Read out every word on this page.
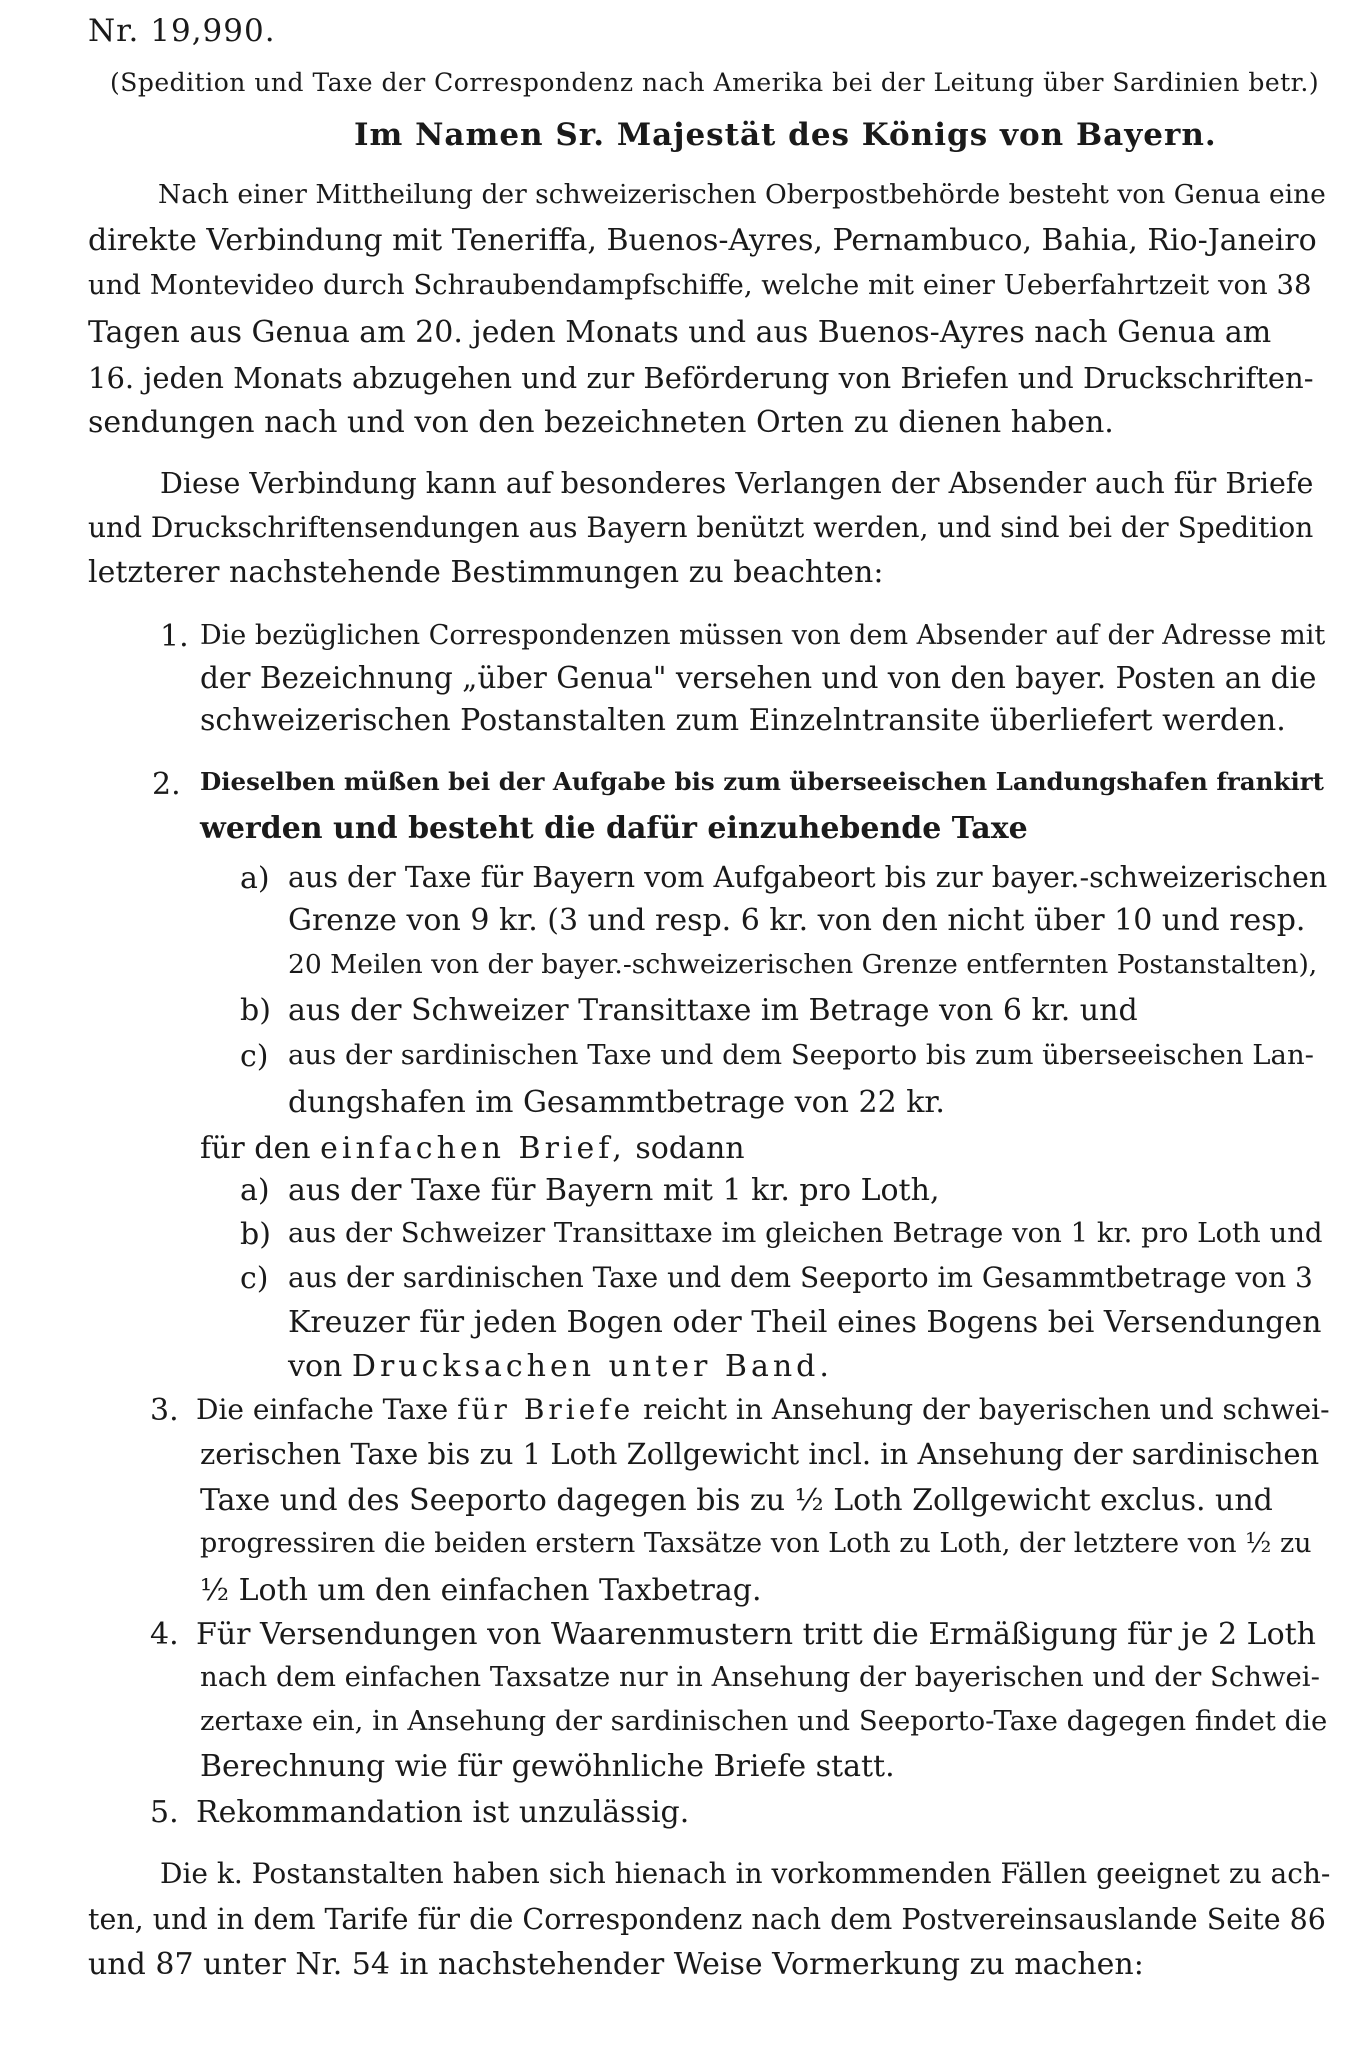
Nr. 19,990.
(Spedition und Taxe der Correspondenz nach Amerika bei der Leitung über Sardinien betr.)
Im Namen Sr. Majestät des Königs von Bayern.
Nach einer Mittheilung der schweizerischen Oberpostbehörde besteht von Genua eine
direkte Verbindung mit Teneriffa, Buenos-Ayres, Pernambuco, Bahia, Rio-Janeiro
und Montevideo durch Schraubendampfschiffe, welche mit einer Ueberfahrtzeit von 38
Tagen aus Genua am 20. jeden Monats und aus Buenos-Ayres nach Genua am
16. jeden Monats abzugehen und zur Beförderung von Briefen und Druckschriften-
sendungen nach und von den bezeichneten Orten zu dienen haben.
Diese Verbindung kann auf besonderes Verlangen der Absender auch für Briefe
und Druckschriftensendungen aus Bayern benützt werden, und sind bei der Spedition
letzterer nachstehende Bestimmungen zu beachten:
1. Die bezüglichen Correspondenzen müssen von dem Absender auf der Adresse mit
der Bezeichnung „über Genua" versehen und von den bayer. Posten an die
schweizerischen Postanstalten zum Einzelntransite überliefert werden.
2. Dieselben müßen bei der Aufgabe bis zum überseeischen Landungshafen frankirt
werden und besteht die dafür einzuhebende Taxe
a) aus der Taxe für Bayern vom Aufgabeort bis zur bayer.-schweizerischen
Grenze von 9 kr. (3 und resp. 6 kr. von den nicht über 10 und resp.
20 Meilen von der bayer.-schweizerischen Grenze entfernten Postanstalten),
b) aus der Schweizer Transittaxe im Betrage von 6 kr. und
c) aus der sardinischen Taxe und dem Seeporto bis zum überseeischen Lan-
dungshafen im Gesammtbetrage von 22 kr.
für den einfachen Brief, sodann
a) aus der Taxe für Bayern mit 1 kr. pro Loth,
b) aus der Schweizer Transittaxe im gleichen Betrage von 1 kr. pro Loth und
c) aus der sardinischen Taxe und dem Seeporto im Gesammtbetrage von 3
Kreuzer für jeden Bogen oder Theil eines Bogens bei Versendungen
von Drucksachen unter Band.
3. Die einfache Taxe für Briefe reicht in Ansehung der bayerischen und schwei-
zerischen Taxe bis zu 1 Loth Zollgewicht incl. in Ansehung der sardinischen
Taxe und des Seeporto dagegen bis zu ½ Loth Zollgewicht exclus. und
progressiren die beiden erstern Taxsätze von Loth zu Loth, der letztere von ½ zu
½ Loth um den einfachen Taxbetrag.
4. Für Versendungen von Waarenmustern tritt die Ermäßigung für je 2 Loth
nach dem einfachen Taxsatze nur in Ansehung der bayerischen und der Schwei-
zertaxe ein, in Ansehung der sardinischen und Seeporto-Taxe dagegen findet die
Berechnung wie für gewöhnliche Briefe statt.
5. Rekommandation ist unzulässig.
Die k. Postanstalten haben sich hienach in vorkommenden Fällen geeignet zu ach-
ten, und in dem Tarife für die Correspondenz nach dem Postvereinsauslande Seite 86
und 87 unter Nr. 54 in nachstehender Weise Vormerkung zu machen:
